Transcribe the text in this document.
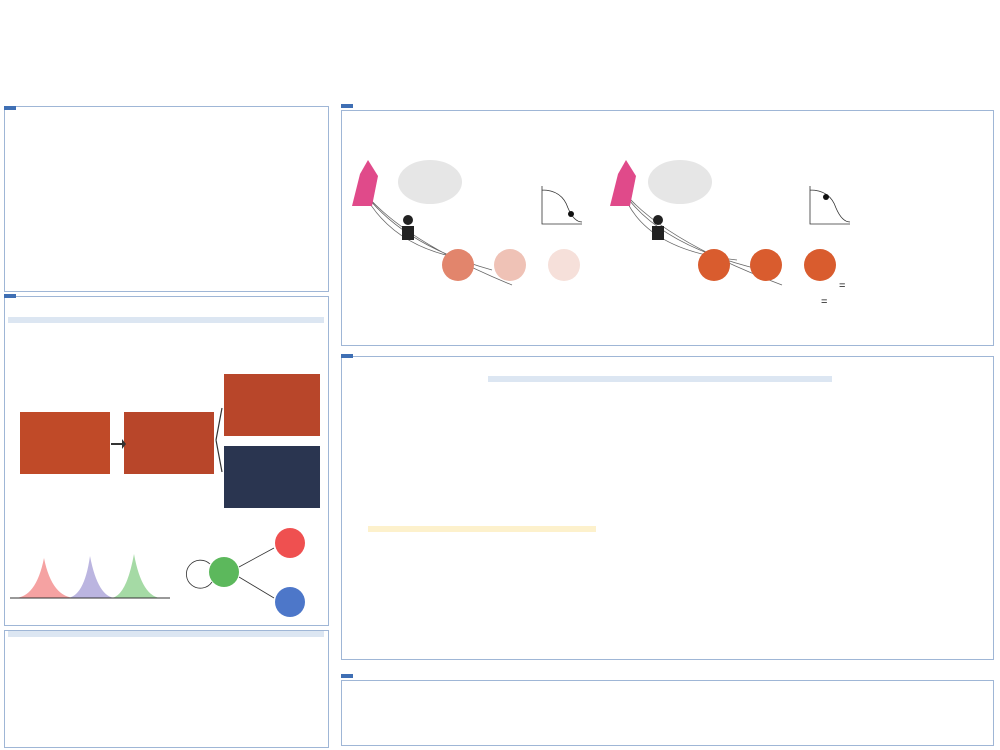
=
=
